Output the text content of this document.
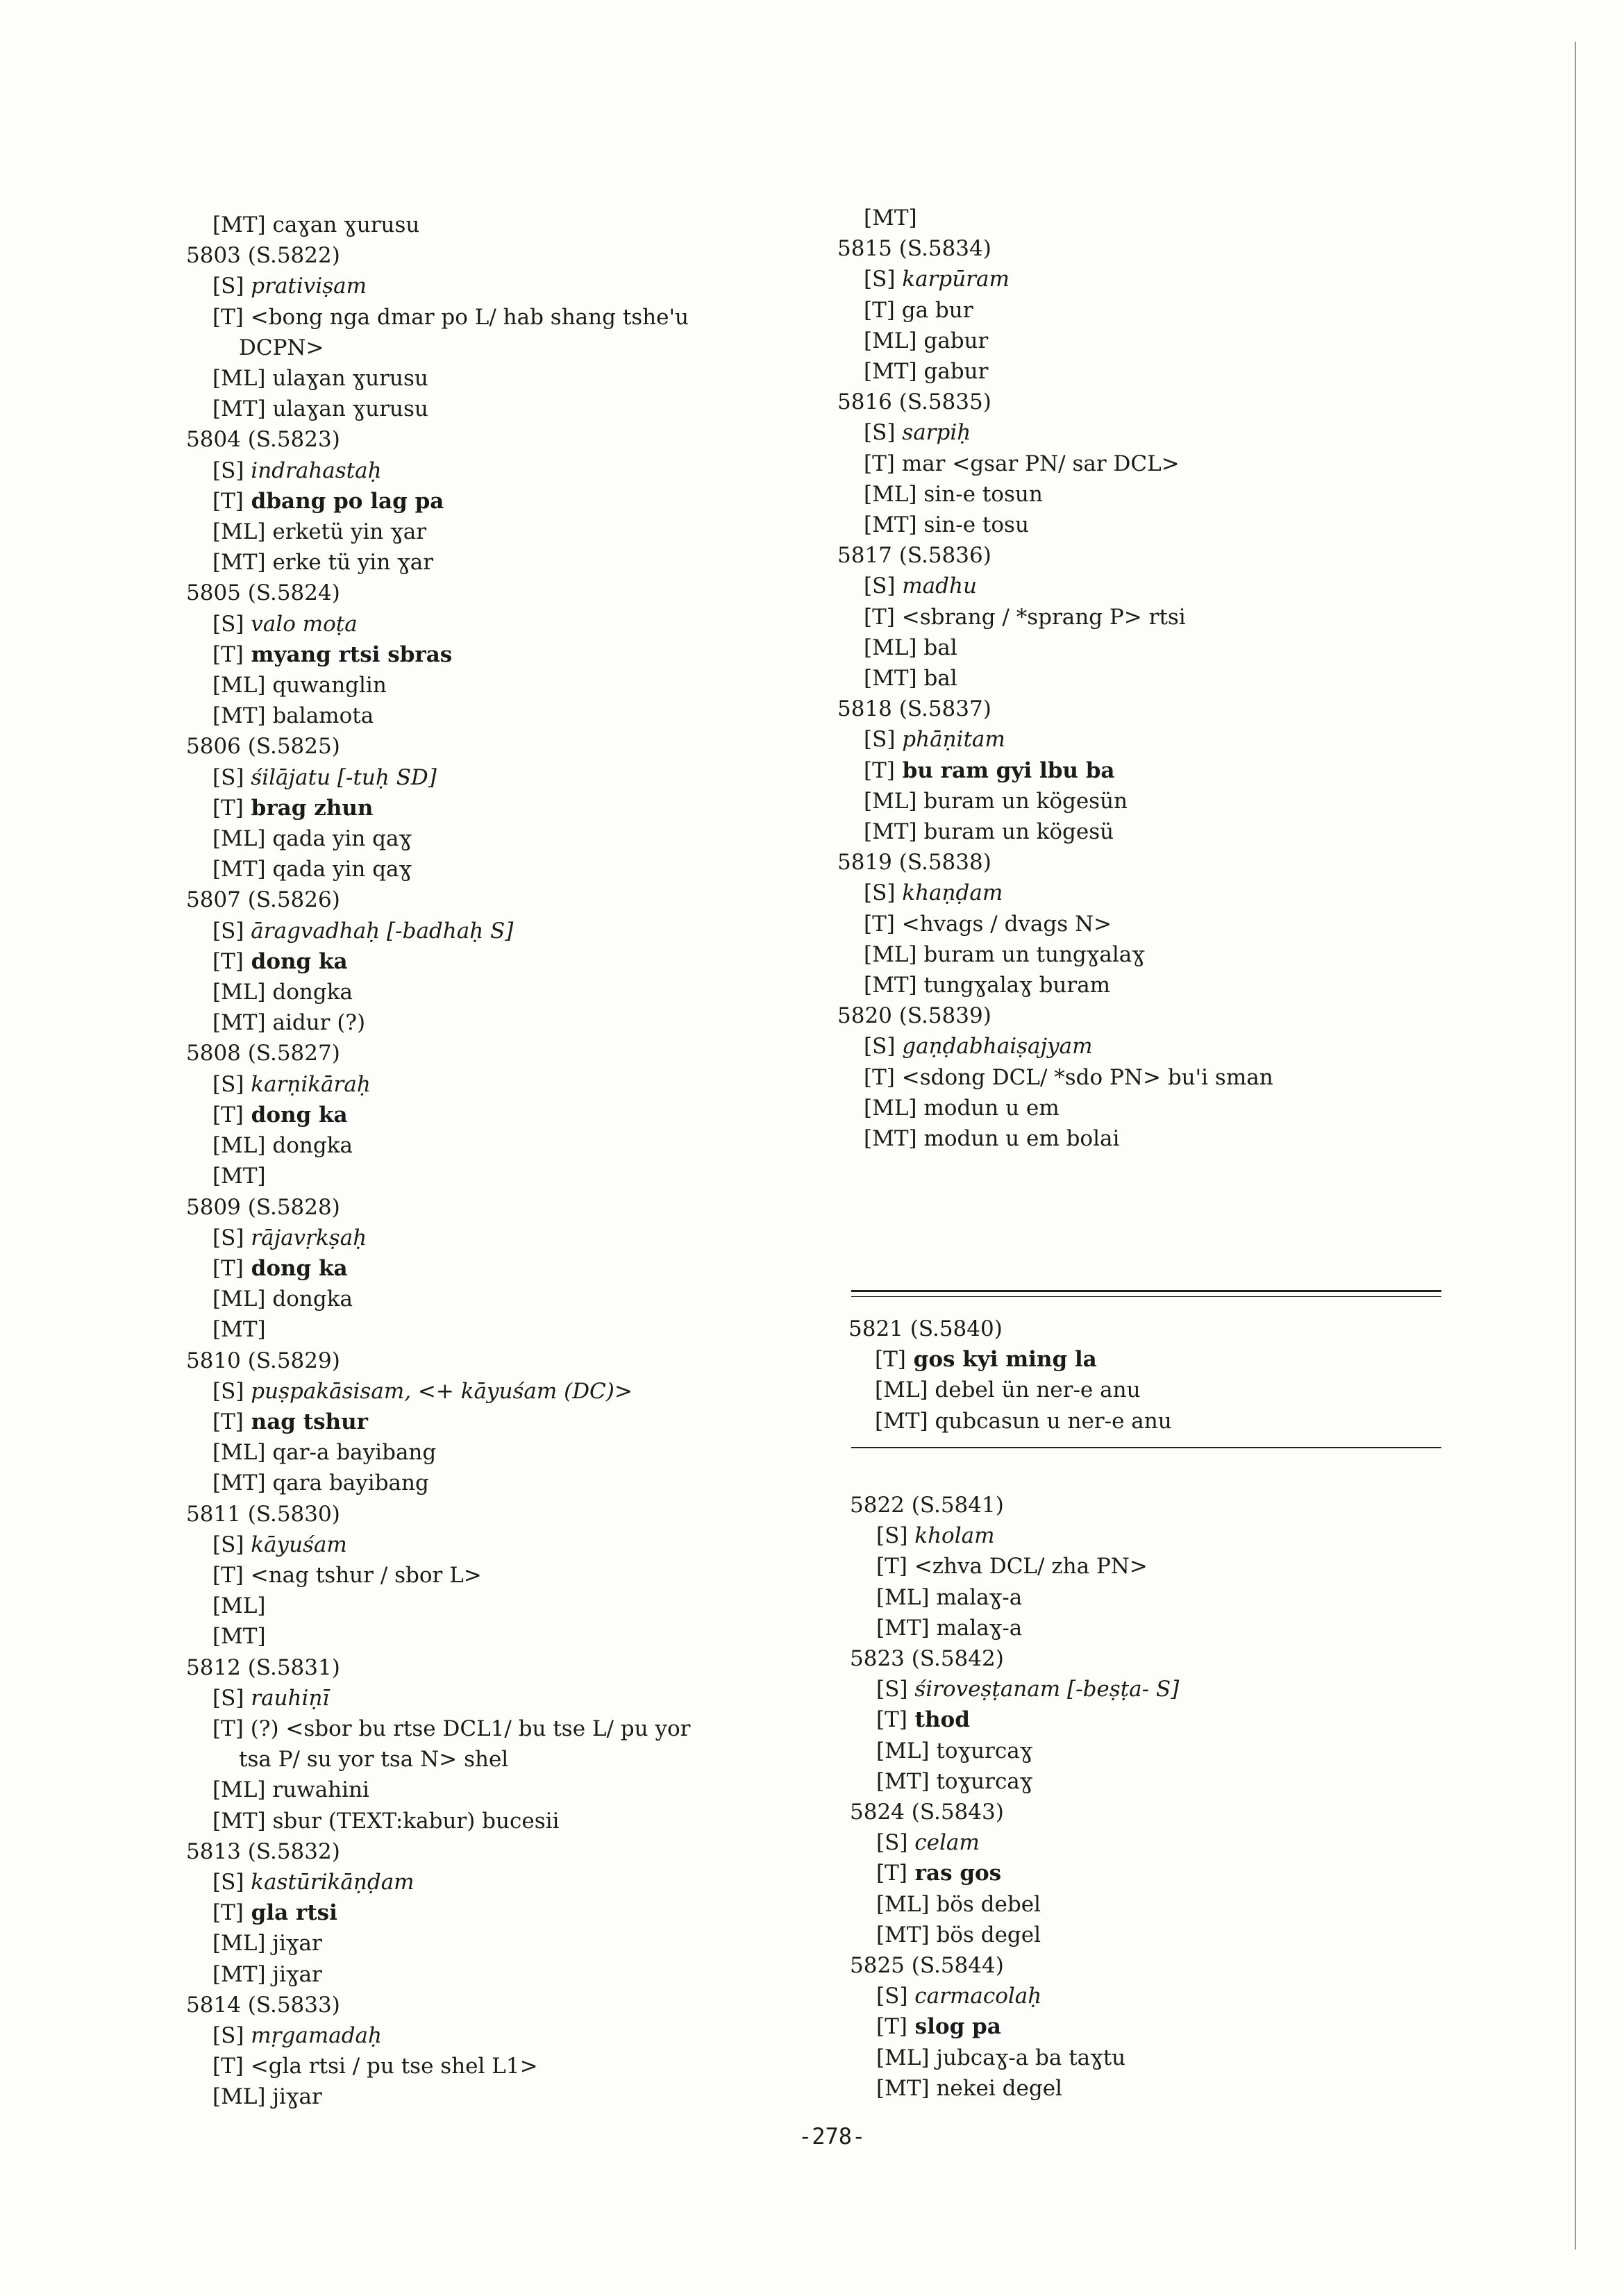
[MT] caɣan ɣurusu
5803 (S.5822)
[S] prativiṣam
[T] <bong nga dmar po L/ hab shang tshe'u
DCPN>
[ML] ulaɣan ɣurusu
[MT] ulaɣan ɣurusu
5804 (S.5823)
[S] indrahastaḥ
[T] dbang po lag pa
[ML] erketü yin ɣar
[MT] erke tü yin ɣar
5805 (S.5824)
[S] valo moṭa
[T] myang rtsi sbras
[ML] quwanglin
[MT] balamota
5806 (S.5825)
[S] śilājatu [-tuḥ SD]
[T] brag zhun
[ML] qada yin qaɣ
[MT] qada yin qaɣ
5807 (S.5826)
[S] āragvadhaḥ [-badhaḥ S]
[T] dong ka
[ML] dongka
[MT] aidur (?)
5808 (S.5827)
[S] karṇikāraḥ
[T] dong ka
[ML] dongka
[MT]
5809 (S.5828)
[S] rājavṛkṣaḥ
[T] dong ka
[ML] dongka
[MT]
5810 (S.5829)
[S] puṣpakāsisam, <+ kāyuśam (DC)>
[T] nag tshur
[ML] qar-a bayibang
[MT] qara bayibang
5811 (S.5830)
[S] kāyuśam
[T] <nag tshur / sbor L>
[ML]
[MT]
5812 (S.5831)
[S] rauhiṇī
[T] (?) <sbor bu rtse DCL1/ bu tse L/ pu yor
tsa P/ su yor tsa N> shel
[ML] ruwahini
[MT] sbur (TEXT:kabur) bucesii
5813 (S.5832)
[S] kastūrikāṇḍam
[T] gla rtsi
[ML] jiɣar
[MT] jiɣar
5814 (S.5833)
[S] mṛgamadaḥ
[T] <gla rtsi / pu tse shel L1>
[ML] jiɣar
[MT]
5815 (S.5834)
[S] karpūram
[T] ga bur
[ML] gabur
[MT] gabur
5816 (S.5835)
[S] sarpiḥ
[T] mar <gsar PN/ sar DCL>
[ML] sin-e tosun
[MT] sin-e tosu
5817 (S.5836)
[S] madhu
[T] <sbrang / *sprang P> rtsi
[ML] bal
[MT] bal
5818 (S.5837)
[S] phāṇitam
[T] bu ram gyi lbu ba
[ML] buram un kögesün
[MT] buram un kögesü
5819 (S.5838)
[S] khaṇḍam
[T] <hvags / dvags N>
[ML] buram un tungɣalaɣ
[MT] tungɣalaɣ buram
5820 (S.5839)
[S] gaṇḍabhaiṣajyam
[T] <sdong DCL/ *sdo PN> bu'i sman
[ML] modun u em
[MT] modun u em bolai
5821 (S.5840)
[T] gos kyi ming la
[ML] debel ün ner-e anu
[MT] qubcasun u ner-e anu
5822 (S.5841)
[S] kholam
[T] <zhva DCL/ zha PN>
[ML] malaɣ-a
[MT] malaɣ-a
5823 (S.5842)
[S] śiroveṣṭanam [-beṣṭa- S]
[T] thod
[ML] toɣurcaɣ
[MT] toɣurcaɣ
5824 (S.5843)
[S] celam
[T] ras gos
[ML] bös debel
[MT] bös degel
5825 (S.5844)
[S] carmacolaḥ
[T] slog pa
[ML] jubcaɣ-a ba taɣtu
[MT] nekei degel
-278-
